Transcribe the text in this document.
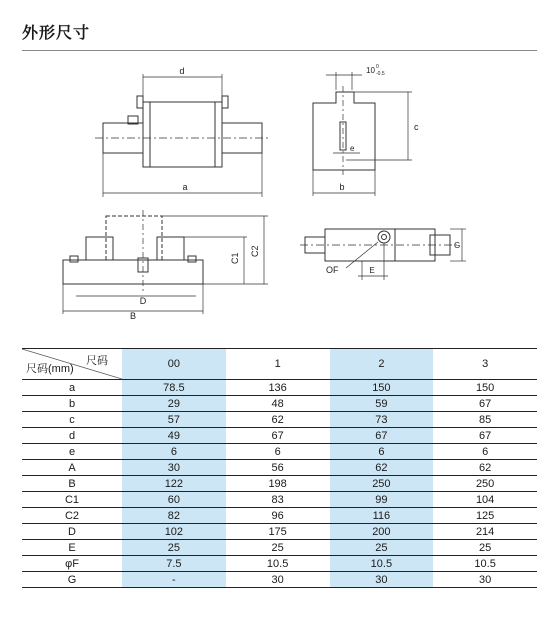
外形尺寸
d
a
10 0
-0.5
c
e
b
D
B
C1
C2	G
OF	E
尺码
尺码(mm)	00	1	2	3
a	78.5	136	150	150
b	29	48	59	67
c	57	62	73	85
d	49	67	67	67
e	6	6	6	6
A	30	56	62	62
B	122	198	250	250
C1	60	83	99	104
C2	82	96	116	125
D	102	175	200	214
E	25	25	25	25
φF	7.5	10.5	10.5	10.5
G	-	30	30	30
